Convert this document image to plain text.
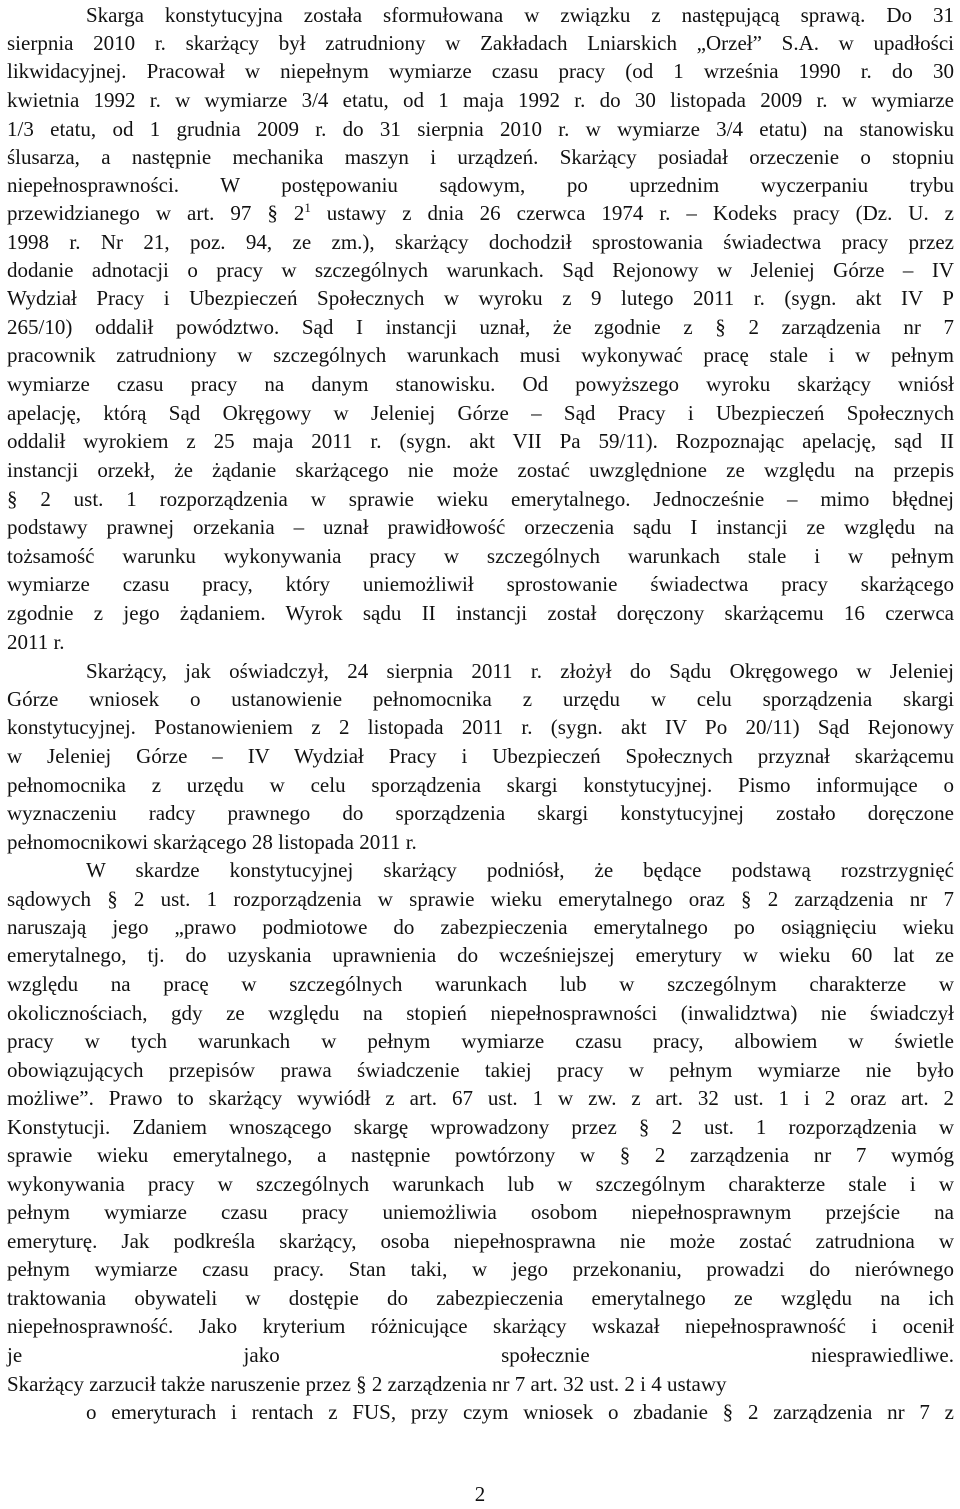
Skarga konstytucyjna została sformułowana w związku z następującą sprawą. Do 31
sierpnia 2010 r. skarżący był zatrudniony w Zakładach Lniarskich „Orzeł” S.A. w upadłości
likwidacyjnej. Pracował w niepełnym wymiarze czasu pracy (od 1 września 1990 r. do 30
kwietnia 1992 r. w wymiarze 3/4 etatu, od 1 maja 1992 r. do 30 listopada 2009 r. w wymiarze
1/3 etatu, od 1 grudnia 2009 r. do 31 sierpnia 2010 r. w wymiarze 3/4 etatu) na stanowisku
ślusarza, a następnie mechanika maszyn i urządzeń. Skarżący posiadał orzeczenie o stopniu
niepełnosprawności. W postępowaniu sądowym, po uprzednim wyczerpaniu trybu
przewidzianego w art. 97 § $2^1$ ustawy z dnia 26 czerwca 1974 r. – Kodeks pracy (Dz. U. z
1998 r. Nr 21, poz. 94, ze zm.), skarżący dochodził sprostowania świadectwa pracy przez
dodanie adnotacji o pracy w szczególnych warunkach. Sąd Rejonowy w Jeleniej Górze – IV
Wydział Pracy i Ubezpieczeń Społecznych w wyroku z 9 lutego 2011 r. (sygn. akt IV P
265/10) oddalił powództwo. Sąd I instancji uznał, że zgodnie z § 2 zarządzenia nr 7
pracownik zatrudniony w szczególnych warunkach musi wykonywać pracę stale i w pełnym
wymiarze czasu pracy na danym stanowisku. Od powyższego wyroku skarżący wniósł
apelację, którą Sąd Okręgowy w Jeleniej Górze – Sąd Pracy i Ubezpieczeń Społecznych
oddalił wyrokiem z 25 maja 2011 r. (sygn. akt VII Pa 59/11). Rozpoznając apelację, sąd II
instancji orzekł, że żądanie skarżącego nie może zostać uwzględnione ze względu na przepis
§ 2 ust. 1 rozporządzenia w sprawie wieku emerytalnego. Jednocześnie – mimo błędnej
podstawy prawnej orzekania – uznał prawidłowość orzeczenia sądu I instancji ze względu na
tożsamość warunku wykonywania pracy w szczególnych warunkach stale i w pełnym
wymiarze czasu pracy, który uniemożliwił sprostowanie świadectwa pracy skarżącego
zgodnie z jego żądaniem. Wyrok sądu II instancji został doręczony skarżącemu 16 czerwca
2011 r.
Skarżący, jak oświadczył, 24 sierpnia 2011 r. złożył do Sądu Okręgowego w Jeleniej
Górze wniosek o ustanowienie pełnomocnika z urzędu w celu sporządzenia skargi
konstytucyjnej. Postanowieniem z 2 listopada 2011 r. (sygn. akt IV Po 20/11) Sąd Rejonowy
w Jeleniej Górze – IV Wydział Pracy i Ubezpieczeń Społecznych przyznał skarżącemu
pełnomocnika z urzędu w celu sporządzenia skargi konstytucyjnej. Pismo informujące o
wyznaczeniu radcy prawnego do sporządzenia skargi konstytucyjnej zostało doręczone
pełnomocnikowi skarżącego 28 listopada 2011 r.
W skardze konstytucyjnej skarżący podniósł, że będące podstawą rozstrzygnięć
sądowych § 2 ust. 1 rozporządzenia w sprawie wieku emerytalnego oraz § 2 zarządzenia nr 7
naruszają jego „prawo podmiotowe do zabezpieczenia emerytalnego po osiągnięciu wieku
emerytalnego, tj. do uzyskania uprawnienia do wcześniejszej emerytury w wieku 60 lat ze
względu na pracę w szczególnych warunkach lub w szczególnym charakterze w
okolicznościach, gdy ze względu na stopień niepełnosprawności (inwalidztwa) nie świadczył
pracy w tych warunkach w pełnym wymiarze czasu pracy, albowiem w świetle
obowiązujących przepisów prawa świadczenie takiej pracy w pełnym wymiarze nie było
możliwe”. Prawo to skarżący wywiódł z art. 67 ust. 1 w zw. z art. 32 ust. 1 i 2 oraz art. 2
Konstytucji. Zdaniem wnoszącego skargę wprowadzony przez § 2 ust. 1 rozporządzenia w
sprawie wieku emerytalnego, a następnie powtórzony w § 2 zarządzenia nr 7 wymóg
wykonywania pracy w szczególnych warunkach lub w szczególnym charakterze stale i w
pełnym wymiarze czasu pracy uniemożliwia osobom niepełnosprawnym przejście na
emeryturę. Jak podkreśla skarżący, osoba niepełnosprawna nie może zostać zatrudniona w
pełnym wymiarze czasu pracy. Stan taki, w jego przekonaniu, prowadzi do nierównego
traktowania obywateli w dostępie do zabezpieczenia emerytalnego ze względu na ich
niepełnosprawność. Jako kryterium różnicujące skarżący wskazał niepełnosprawność i ocenił
je jako społecznie niesprawiedliwe.
Skarżący zarzucił także naruszenie przez § 2 zarządzenia nr 7 art. 32 ust. 2 i 4 ustawy
o emeryturach i rentach z FUS, przy czym wniosek o zbadanie § 2 zarządzenia nr 7 z
2
